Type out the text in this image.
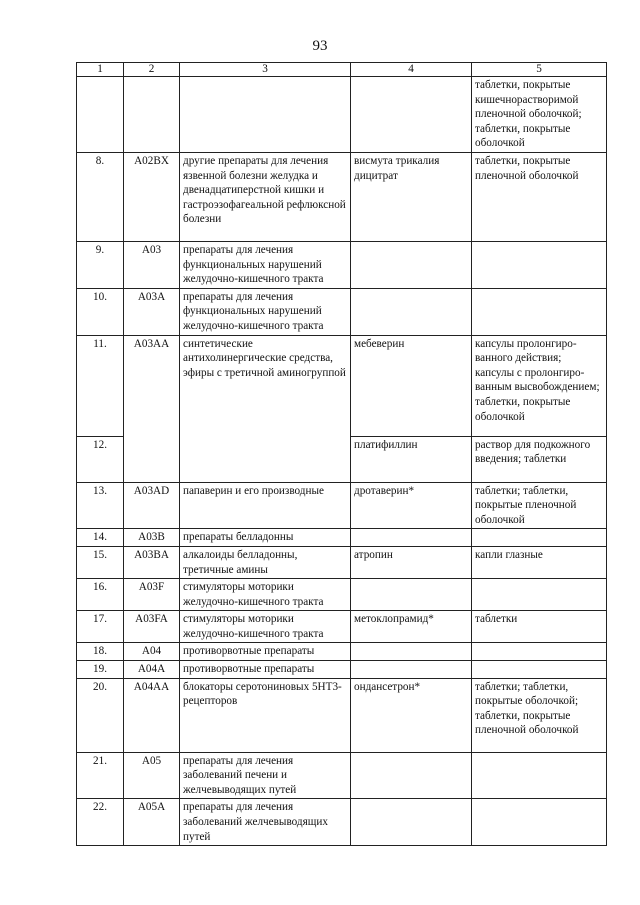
93
1	2	3	4	5
				таблетки, покрытые кишечнорастворимой пленочной оболочкой; таблетки, покрытые оболочкой
8.	A02BX	другие препараты для лечения язвенной болезни желудка и двенадцатиперстной кишки и гастроэзофагеальной рефлюксной болезни	висмута трикалия дицитрат	таблетки, покрытые пленочной оболочкой
9.	A03	препараты для лечения функциональных нарушений желудочно-кишечного тракта		
10.	A03A	препараты для лечения функциональных нарушений желудочно-кишечного тракта		
11.	A03AA	синтетические антихолинергические средства, эфиры с третичной аминогруппой	мебеверин	капсулы пролонгиро-ванного действия; капсулы с пролонгиро-ванным высвобождением; таблетки, покрытые оболочкой
12.			платифиллин	раствор для подкожного введения; таблетки
13.	A03AD	папаверин и его производные	дротаверин*	таблетки; таблетки, покрытые пленочной оболочкой
14.	A03B	препараты белладонны		
15.	A03BA	алкалоиды белладонны, третичные амины	атропин	капли глазные
16.	A03F	стимуляторы моторики желудочно-кишечного тракта		
17.	A03FA	стимуляторы моторики желудочно-кишечного тракта	метоклопрамид*	таблетки
18.	A04	противорвотные препараты		
19.	A04A	противорвотные препараты		
20.	A04AA	блокаторы серотониновых 5HT3-рецепторов	ондансетрон*	таблетки; таблетки, покрытые оболочкой; таблетки, покрытые пленочной оболочкой
21.	A05	препараты для лечения заболеваний печени и желчевыводящих путей		
22.	A05A	препараты для лечения заболеваний желчевыводящих путей		
